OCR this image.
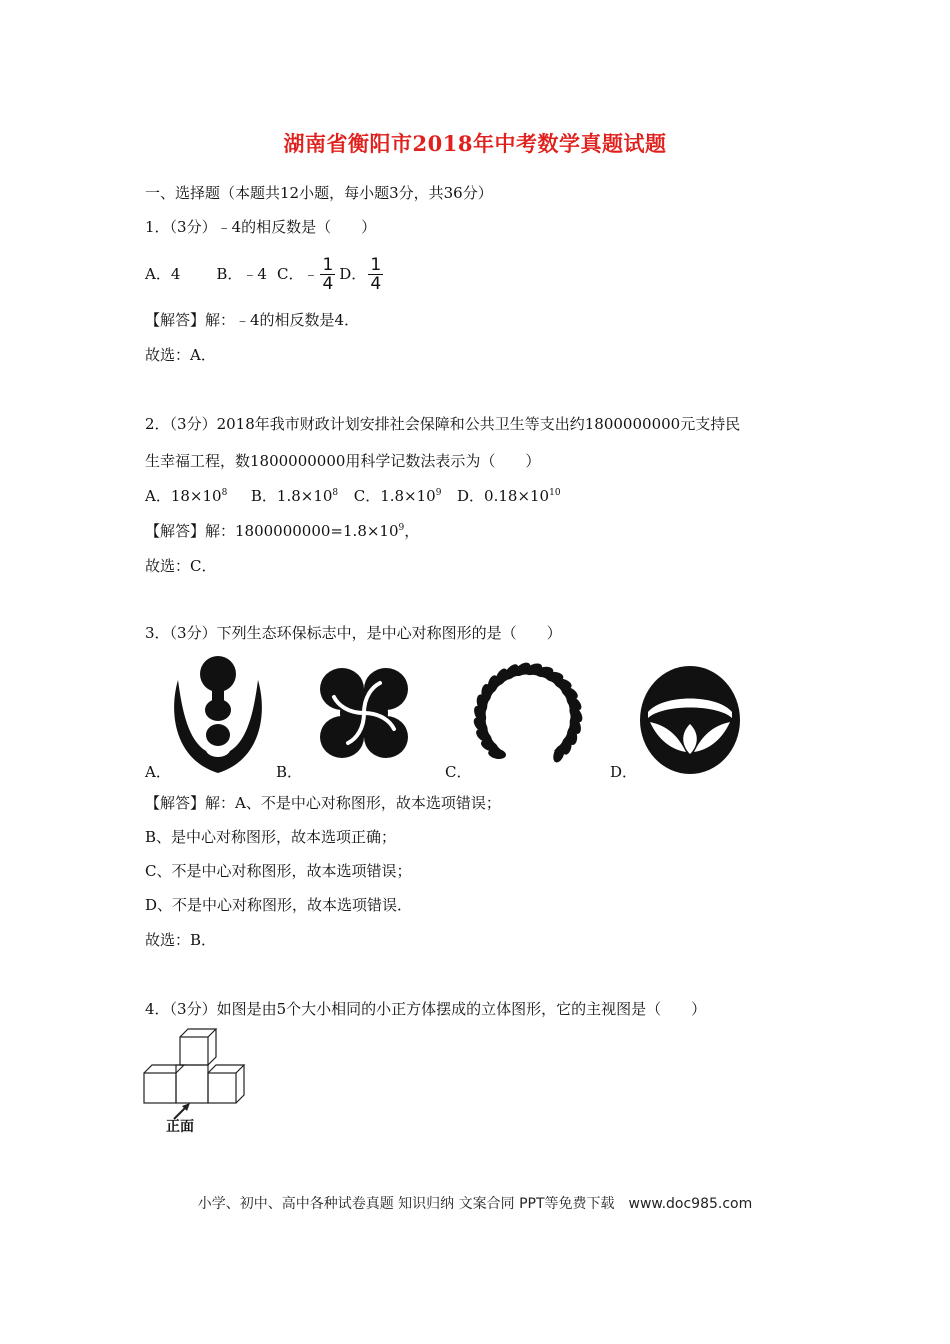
湖南省衡阳市2018年中考数学真题试题
一、选择题（本题共12小题，每小题3分，共36分）
1．（3分）﹣4的相反数是（　　）
A．4 B．﹣4 C．﹣ $\frac{1}{4}$ D． $\frac{1}{4}$
【解答】解：﹣4的相反数是4．
故选：A．
2．（3分）2018年我市财政计划安排社会保障和公共卫生等支出约1800000000元支持民
生幸福工程，数1800000000用科学记数法表示为（　　）
A．$18\times 10^8$ B．$1.8\times 10^8$ C．$1.8\times 10^9$ D．$0.18\times 10^{10}$
【解答】解：$1800000000=1.8\times 10^9$，
故选：C．
3．（3分）下列生态环保标志中，是中心对称图形的是（　　）
A．	B．	C．	D．
【解答】解：A、不是中心对称图形，故本选项错误；
B、是中心对称图形，故本选项正确；
C、不是中心对称图形，故本选项错误；
D、不是中心对称图形，故本选项错误．
故选：B．
4．（3分）如图是由5个大小相同的小正方体摆成的立体图形，它的主视图是（　　）
正面
小学、初中、高中各种试卷真题 知识归纳 文案合同 PPT等免费下载　www.doc985.com
